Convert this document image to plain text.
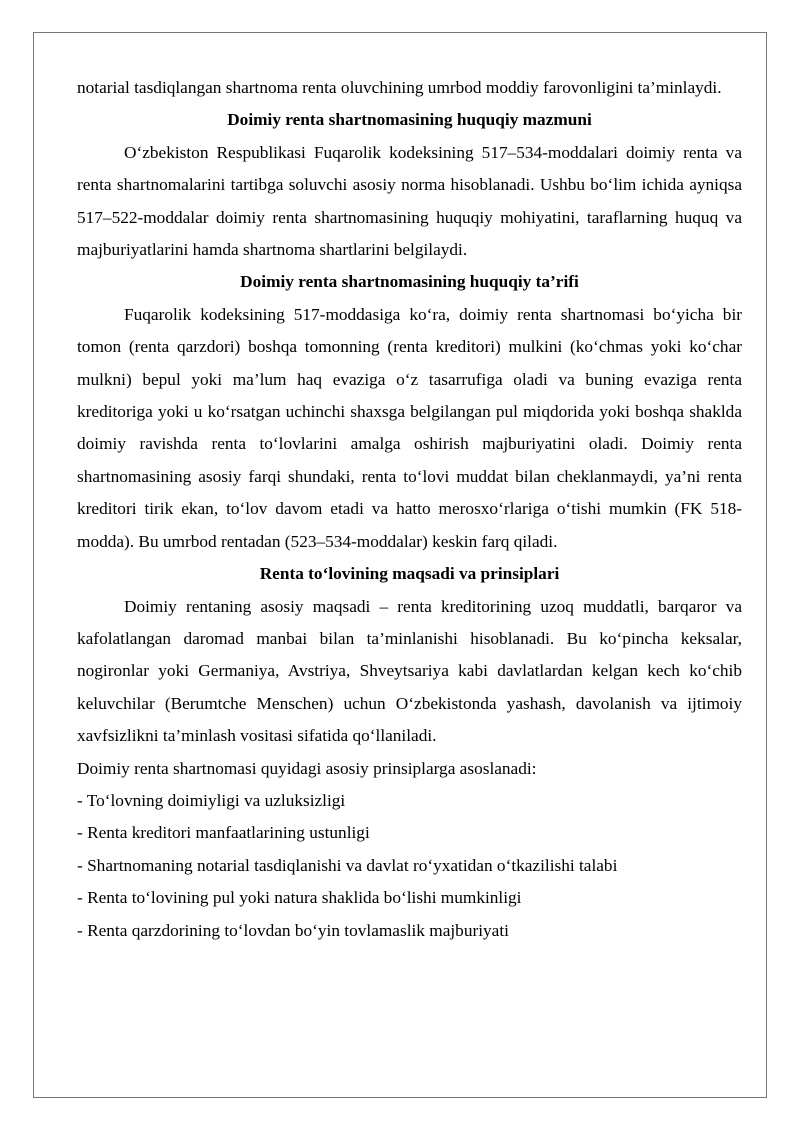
notarial tasdiqlangan shartnoma renta oluvchining umrbod moddiy farovonligini ta’minlaydi.

Doimiy renta shartnomasining huquqiy mazmuni

O‘zbekiston Respublikasi Fuqarolik kodeksining 517–534-moddalari doimiy renta va renta shartnomalarini tartibga soluvchi asosiy norma hisoblanadi. Ushbu bo‘lim ichida ayniqsa 517–522-moddalar doimiy renta shartnomasining huquqiy mohiyatini, taraflarning huquq va majburiyatlarini hamda shartnoma shartlarini belgilaydi.

Doimiy renta shartnomasining huquqiy ta’rifi

Fuqarolik kodeksining 517-moddasiga ko‘ra, doimiy renta shartnomasi bo‘yicha bir tomon (renta qarzdori) boshqa tomonning (renta kreditori) mulkini (ko‘chmas yoki ko‘char mulkni) bepul yoki ma’lum haq evaziga o‘z tasarrufiga oladi va buning evaziga renta kreditoriga yoki u ko‘rsatgan uchinchi shaxsga belgilangan pul miqdorida yoki boshqa shaklda doimiy ravishda renta to‘lovlarini amalga oshirish majburiyatini oladi. Doimiy renta shartnomasining asosiy farqi shundaki, renta to‘lovi muddat bilan cheklanmaydi, ya’ni renta kreditori tirik ekan, to‘lov davom etadi va hatto merosxo‘rlariga o‘tishi mumkin (FK 518-modda). Bu umrbod rentadan (523–534-moddalar) keskin farq qiladi.

Renta to‘lovining maqsadi va prinsiplari

Doimiy rentaning asosiy maqsadi – renta kreditorining uzoq muddatli, barqaror va kafolatlangan daromad manbai bilan ta’minlanishi hisoblanadi. Bu ko‘pincha keksalar, nogironlar yoki Germaniya, Avstriya, Shveytsariya kabi davlatlardan kelgan kech ko‘chib keluvchilar (Berumtche Menschen) uchun O‘zbekistonda yashash, davolanish va ijtimoiy xavfsizlikni ta’minlash vositasi sifatida qo‘llaniladi.

Doimiy renta shartnomasi quyidagi asosiy prinsiplarga asoslanadi:

- To‘lovning doimiyligi va uzluksizligi
- Renta kreditori manfaatlarining ustunligi
- Shartnomaning notarial tasdiqlanishi va davlat ro‘yxatidan o‘tkazilishi talabi
- Renta to‘lovining pul yoki natura shaklida bo‘lishi mumkinligi
- Renta qarzdorining to‘lovdan bo‘yin tovlamaslik majburiyati
